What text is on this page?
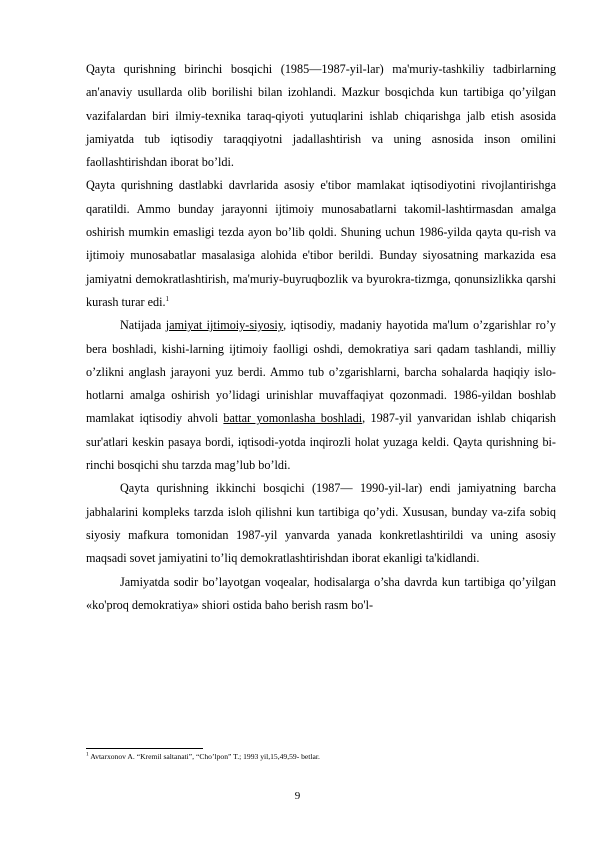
Qayta qurishning birinchi bosqichi (1985—1987-yil-lar) ma'muriy-tashkiliy tadbirlarning an'anaviy usullarda olib borilishi bilan izohlandi. Mazkur bosqichda kun tartibiga qo’yilgan vazifalardan biri ilmiy-texnika taraq-qiyoti yutuqlarini ishlab chiqarishga jalb etish asosida jamiyatda tub iqtisodiy taraqqiyotni jadallashtirish va uning asnosida inson omilini faollashtirishdan iborat bo’ldi.

Qayta qurishning dastlabki davrlarida asosiy e'tibor mamlakat iqtisodiyotini rivojlantirishga qaratildi. Ammo bunday jarayonni ijtimoiy munosabatlarni takomil-lashtirmasdan amalga oshirish mumkin emasligi tezda ayon bo’lib qoldi. Shuning uchun 1986-yilda qayta qu-rish va ijtimoiy munosabatlar masalasiga alohida e'tibor berildi. Bunday siyosatning markazida esa jamiyatni demokratlashtirish, ma'muriy-buyruqbozlik va byurokra-tizmga, qonunsizlikka qarshi kurash turar edi.$^1$

Natijada jamiyat ijtimoiy-siyosiy, iqtisodiy, madaniy hayotida ma'lum o’zgarishlar ro’y bera boshladi, kishi-larning ijtimoiy faolligi oshdi, demokratiya sari qadam tashlandi, milliy o’zlikni anglash jarayoni yuz berdi. Ammo tub o’zgarishlarni, barcha sohalarda haqiqiy islo-hotlarni amalga oshirish yo’lidagi urinishlar muvaffaqiyat qozonmadi. 1986-yildan boshlab mamlakat iqtisodiy ahvoli battar yomonlasha boshladi, 1987-yil yanvaridan ishlab chiqarish sur'atlari keskin pasaya bordi, iqtisodi-yotda inqirozli holat yuzaga keldi. Qayta qurishning bi-rinchi bosqichi shu tarzda mag’lub bo’ldi.

Qayta qurishning ikkinchi bosqichi (1987— 1990-yil-lar) endi jamiyatning barcha jabhalarini kompleks tarzda isloh qilishni kun tartibiga qo’ydi. Xususan, bunday va-zifa sobiq siyosiy mafkura tomonidan 1987-yil yanvarda yanada konkretlashtirildi va uning asosiy maqsadi sovet jamiyatini to’liq demokratlashtirishdan iborat ekanligi ta'kidlandi.

Jamiyatda sodir bo’layotgan voqealar, hodisalarga o’sha davrda kun tartibiga qo’yilgan «ko'proq demokratiya» shiori ostida baho berish rasm bo'l-

$^1$ Avtarxonov A. “Kremil saltanati”, “Cho’lpon” T.; 1993 yil,15,49,59- betlar.
9
